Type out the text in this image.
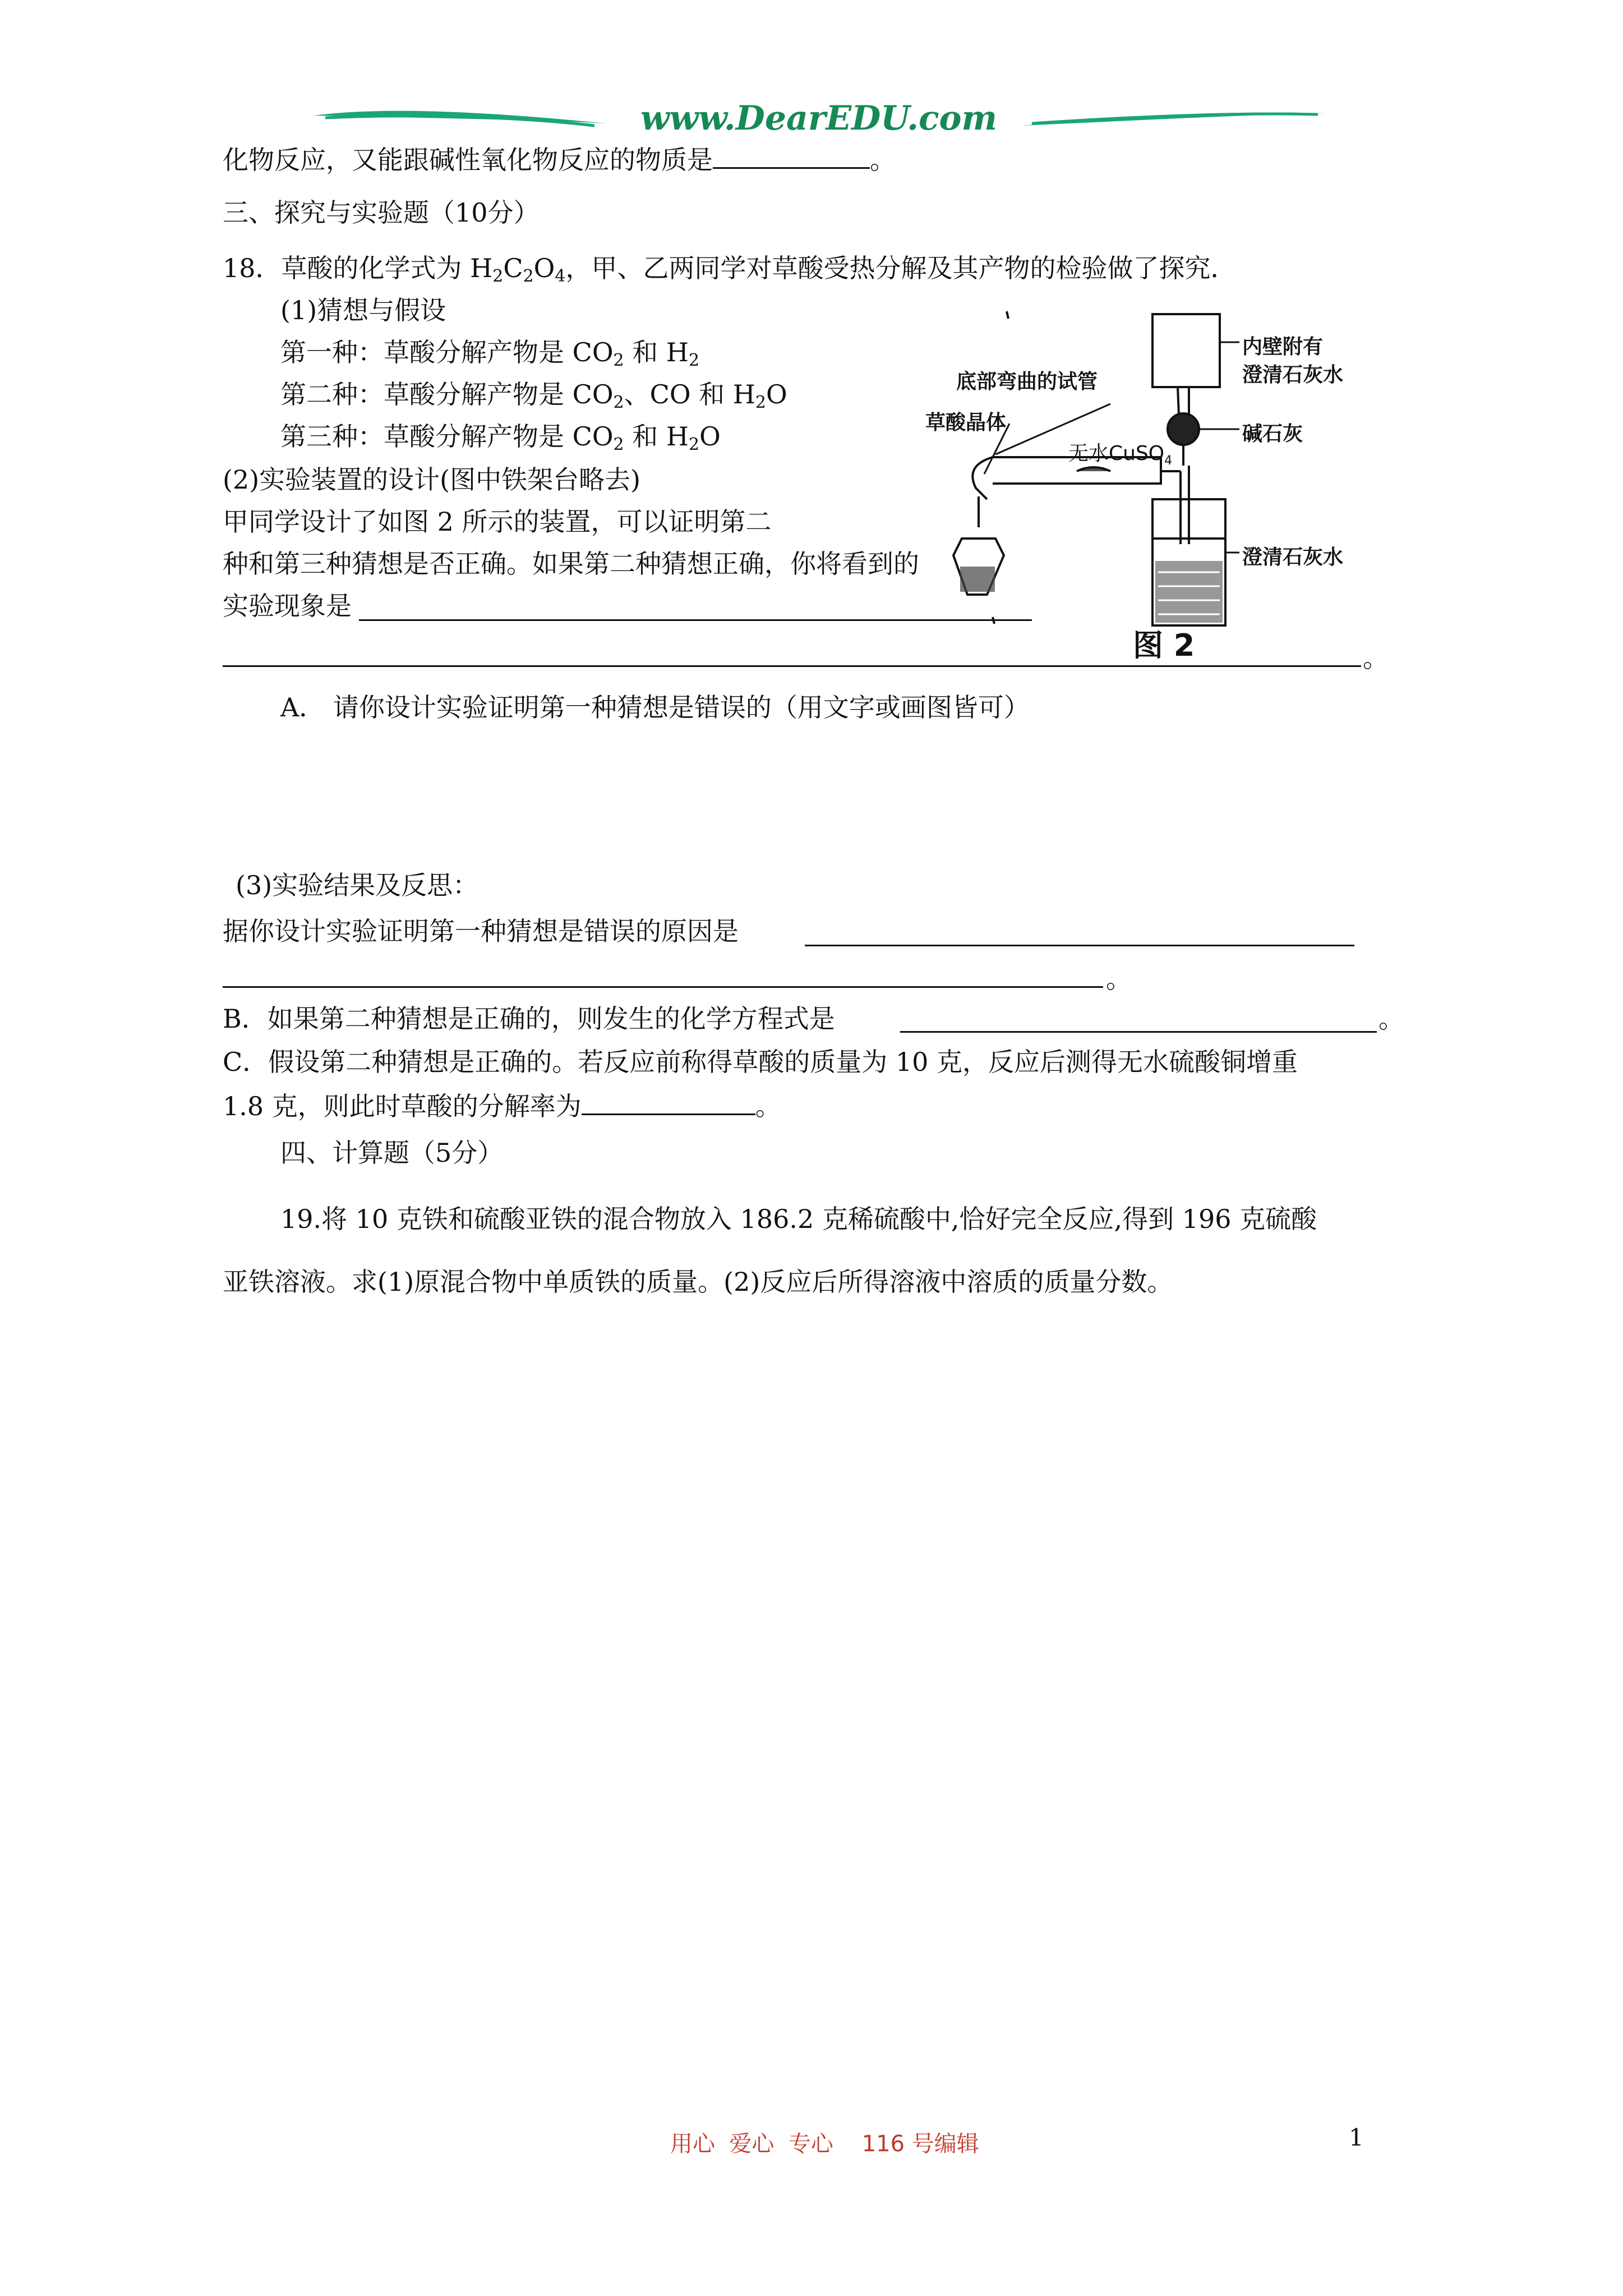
www.DearEDU.com
化物反应，又能跟碱性氧化物反应的物质是	。
三、探究与实验题（10分）
18．草酸的化学式为 $H_2C_2O_4$，甲、乙两同学对草酸受热分解及其产物的检验做了探究．
(1)猜想与假设
第一种：草酸分解产物是 $CO_2$ 和 $H_2$
第二种：草酸分解产物是 $CO_2$、CO 和 $H_2O$
第三种：草酸分解产物是 $CO_2$ 和 $H_2O$
(2)实验装置的设计(图中铁架台略去)
甲同学设计了如图 2 所示的装置，可以证明第二
种和第三种猜想是否正确。如果第二种猜想正确，你将看到的
实验现象是
。
底部弯曲的试管
草酸晶体
无水CuSO$_4$
内壁附有
澄清石灰水
碱石灰
澄清石灰水
图 2
A． 请你设计实验证明第一种猜想是错误的（用文字或画图皆可）
(3)实验结果及反思：
据你设计实验证明第一种猜想是错误的原因是
。
B．如果第二种猜想是正确的，则发生的化学方程式是	。
C．假设第二种猜想是正确的。若反应前称得草酸的质量为 10 克，反应后测得无水硫酸铜增重
1.8 克，则此时草酸的分解率为	。
四、计算题（5分）
19.将 10 克铁和硫酸亚铁的混合物放入 186.2 克稀硫酸中,恰好完全反应,得到 196 克硫酸
亚铁溶液。求(1)原混合物中单质铁的质量。(2)反应后所得溶液中溶质的质量分数。
用心  爱心  专心    116 号编辑	1
